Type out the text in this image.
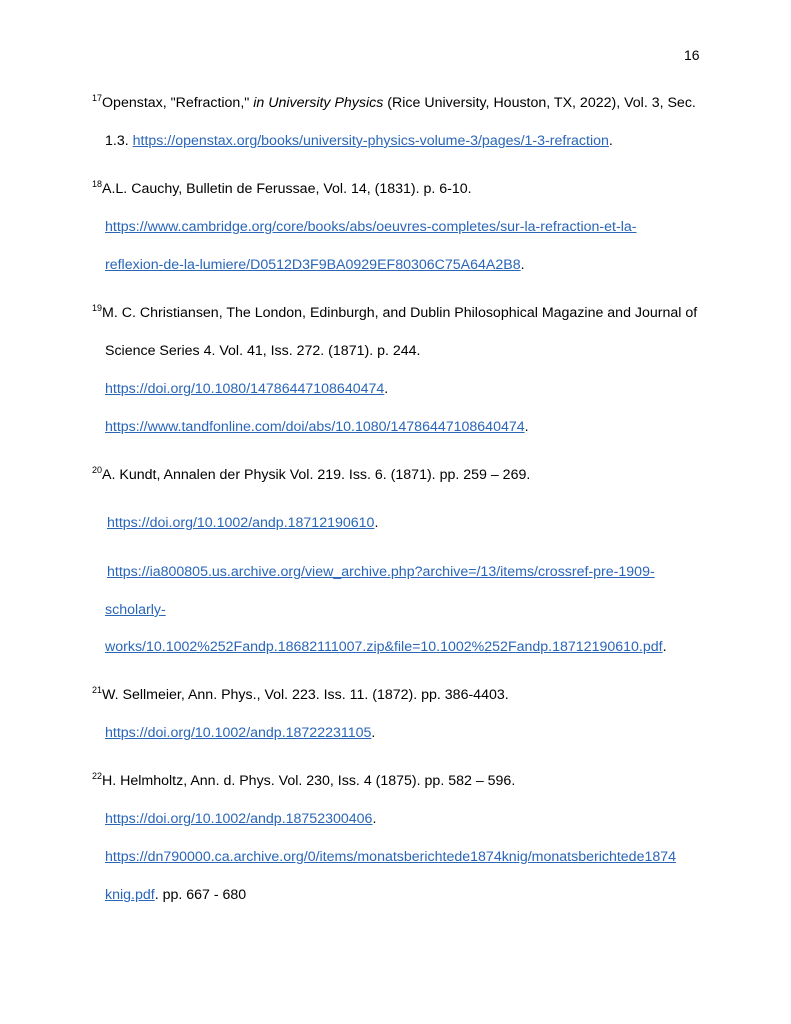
16
$^{17}$Openstax, "Refraction," in University Physics (Rice University, Houston, TX, 2022), Vol. 3, Sec.
1.3. https://openstax.org/books/university-physics-volume-3/pages/1-3-refraction.
$^{18}$A.L. Cauchy, Bulletin de Ferussae, Vol. 14, (1831). p. 6-10.
https://www.cambridge.org/core/books/abs/oeuvres-completes/sur-la-refraction-et-la-
reflexion-de-la-lumiere/D0512D3F9BA0929EF80306C75A64A2B8.
$^{19}$M. C. Christiansen, The London, Edinburgh, and Dublin Philosophical Magazine and Journal of
Science Series 4. Vol. 41, Iss. 272. (1871). p. 244.
https://doi.org/10.1080/14786447108640474.
https://www.tandfonline.com/doi/abs/10.1080/14786447108640474.
$^{20}$A. Kundt, Annalen der Physik Vol. 219. Iss. 6. (1871). pp. 259 – 269.
https://doi.org/10.1002/andp.18712190610.
https://ia800805.us.archive.org/view_archive.php?archive=/13/items/crossref-pre-1909-
scholarly-
works/10.1002%252Fandp.18682111007.zip&file=10.1002%252Fandp.18712190610.pdf.
$^{21}$W. Sellmeier, Ann. Phys., Vol. 223. Iss. 11. (1872). pp. 386-4403.
https://doi.org/10.1002/andp.18722231105.
$^{22}$H. Helmholtz, Ann. d. Phys. Vol. 230, Iss. 4 (1875). pp. 582 – 596.
https://doi.org/10.1002/andp.18752300406.
https://dn790000.ca.archive.org/0/items/monatsberichtede1874knig/monatsberichtede1874
knig.pdf. pp. 667 - 680
